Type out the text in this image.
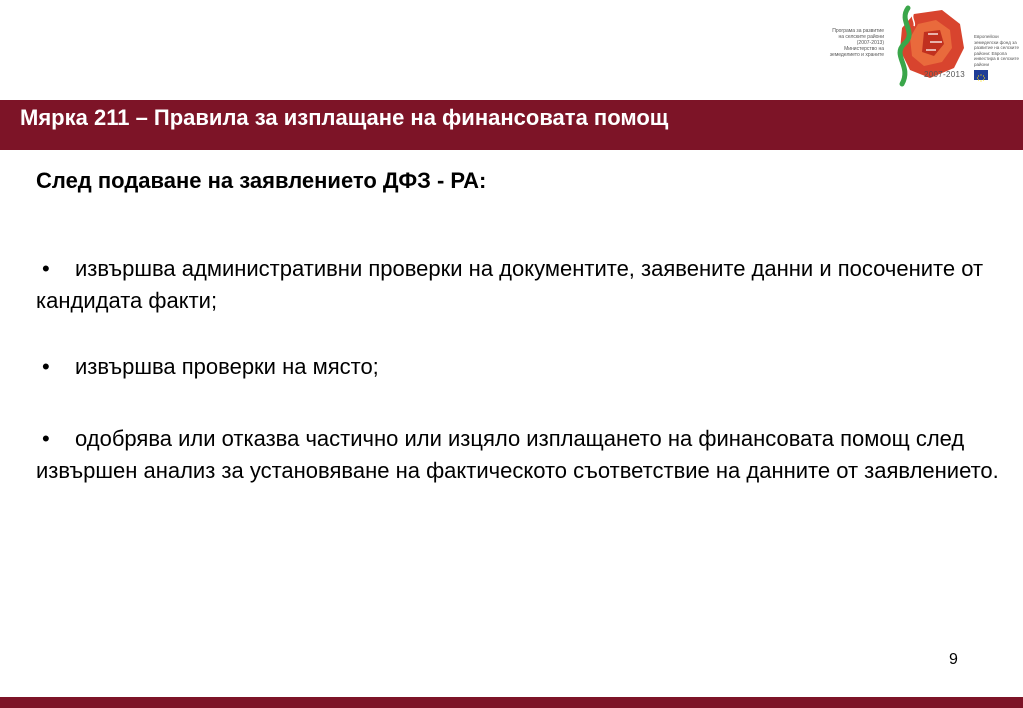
Програма за развитие на селските райони (2007-2013) Министерство на земеделието и храните
Европейски земеделски фонд за развитие на селските райони: Европа инвестира в селските райони
2007-2013
Мярка 211 – Правила за изплащане на финансовата помощ

След подаване на заявлението ДФЗ - РА:

• извършва административни проверки на документите, заявените данни и посочените от кандидата факти;

• извършва проверки на място;

• одобрява или отказва частично или изцяло изплащането на финансовата помощ след извършен анализ за установяване на фактическото съответствие на данните от заявлението.

9
